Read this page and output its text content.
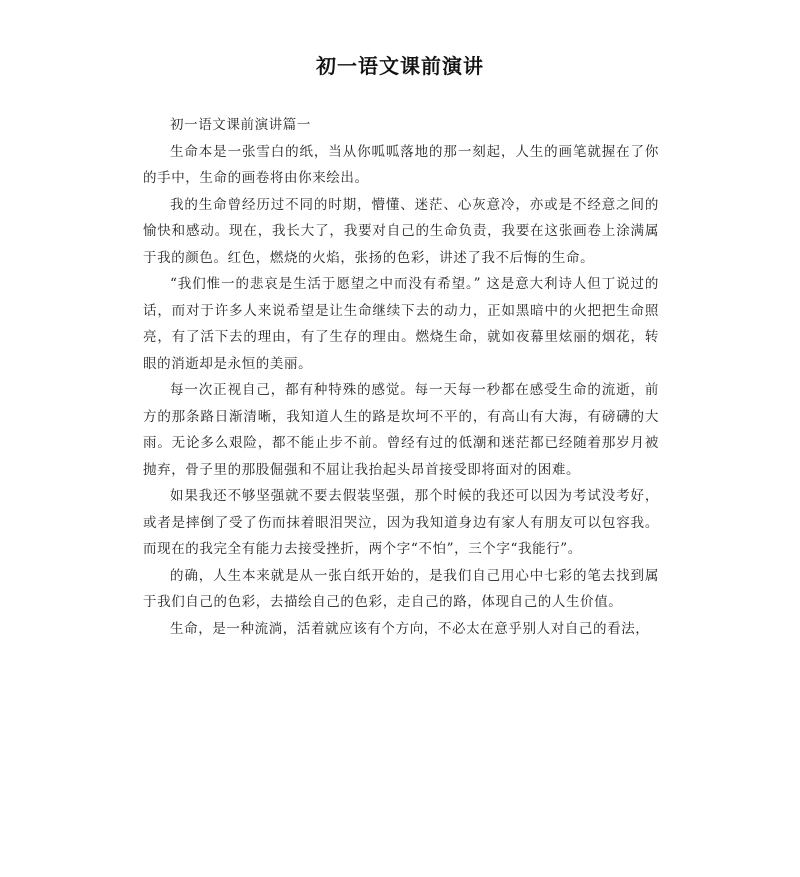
初一语文课前演讲

初一语文课前演讲篇一

生命本是一张雪白的纸，当从你呱呱落地的那一刻起，人生的画笔就握在了你的手中，生命的画卷将由你来绘出。

我的生命曾经历过不同的时期，懵懂、迷茫、心灰意冷，亦或是不经意之间的愉快和感动。现在，我长大了，我要对自己的生命负责，我要在这张画卷上涂满属于我的颜色。红色，燃烧的火焰，张扬的色彩，讲述了我不后悔的生命。

“我们惟一的悲哀是生活于愿望之中而没有希望。” 这是意大利诗人但丁说过的话，而对于许多人来说希望是让生命继续下去的动力，正如黑暗中的火把把生命照亮，有了活下去的理由，有了生存的理由。燃烧生命，就如夜幕里炫丽的烟花，转眼的消逝却是永恒的美丽。

每一次正视自己，都有种特殊的感觉。每一天每一秒都在感受生命的流逝，前方的那条路日渐清晰，我知道人生的路是坎坷不平的，有高山有大海，有磅礴的大雨。无论多么艰险，都不能止步不前。曾经有过的低潮和迷茫都已经随着那岁月被抛弃，骨子里的那股倔强和不屈让我抬起头昂首接受即将面对的困难。

如果我还不够坚强就不要去假装坚强，那个时候的我还可以因为考试没考好，或者是摔倒了受了伤而抹着眼泪哭泣，因为我知道身边有家人有朋友可以包容我。而现在的我完全有能力去接受挫折，两个字“不怕”，三个字“我能行”。

的确，人生本来就是从一张白纸开始的，是我们自己用心中七彩的笔去找到属于我们自己的色彩，去描绘自己的色彩，走自己的路，体现自己的人生价值。

生命，是一种流淌，活着就应该有个方向，不必太在意乎别人对自己的看法，
